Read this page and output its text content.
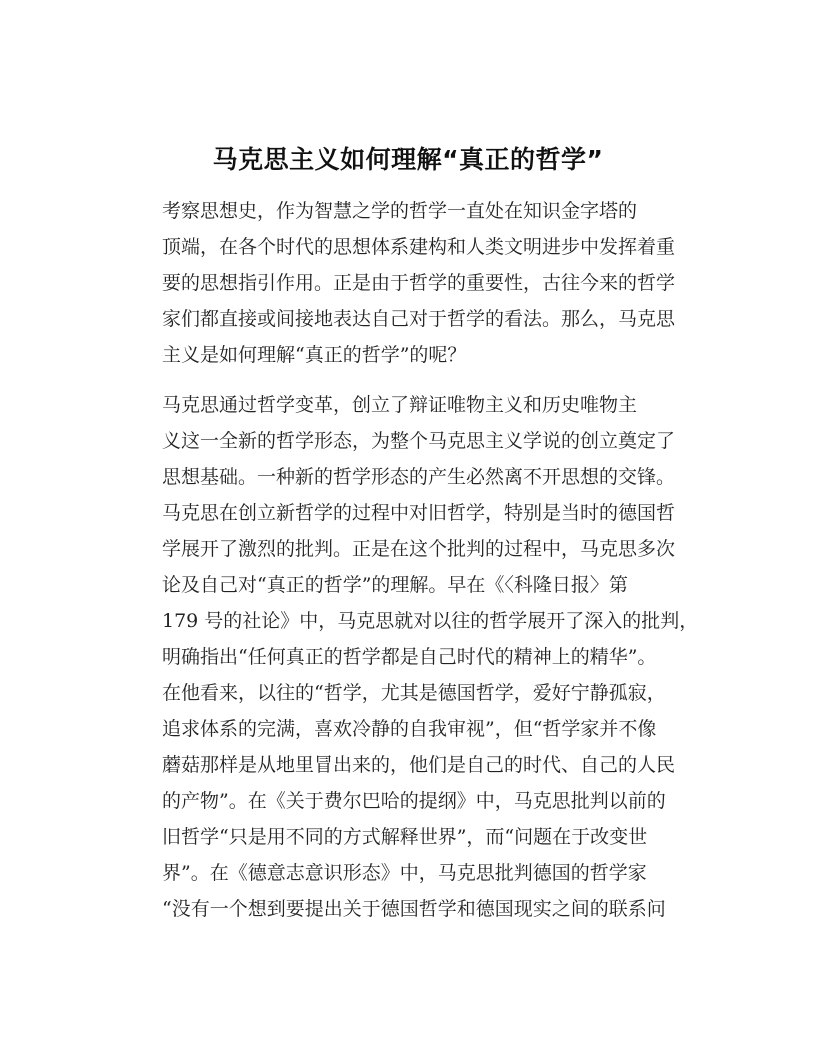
马克思主义如何理解“真正的哲学”

考察思想史，作为智慧之学的哲学一直处在知识金字塔的
顶端，在各个时代的思想体系建构和人类文明进步中发挥着重
要的思想指引作用。正是由于哲学的重要性，古往今来的哲学
家们都直接或间接地表达自己对于哲学的看法。那么，马克思
主义是如何理解“真正的哲学”的呢？

马克思通过哲学变革，创立了辩证唯物主义和历史唯物主
义这一全新的哲学形态，为整个马克思主义学说的创立奠定了
思想基础。一种新的哲学形态的产生必然离不开思想的交锋。
马克思在创立新哲学的过程中对旧哲学，特别是当时的德国哲
学展开了激烈的批判。正是在这个批判的过程中，马克思多次
论及自己对“真正的哲学”的理解。早在《〈科隆日报〉第
179 号的社论》中，马克思就对以往的哲学展开了深入的批判，
明确指出“任何真正的哲学都是自己时代的精神上的精华”。
在他看来，以往的“哲学，尤其是德国哲学，爱好宁静孤寂，
追求体系的完满，喜欢冷静的自我审视”，但“哲学家并不像
蘑菇那样是从地里冒出来的，他们是自己的时代、自己的人民
的产物”。在《关于费尔巴哈的提纲》中，马克思批判以前的
旧哲学“只是用不同的方式解释世界”，而“问题在于改变世
界”。在《德意志意识形态》中，马克思批判德国的哲学家
“没有一个想到要提出关于德国哲学和德国现实之间的联系问
